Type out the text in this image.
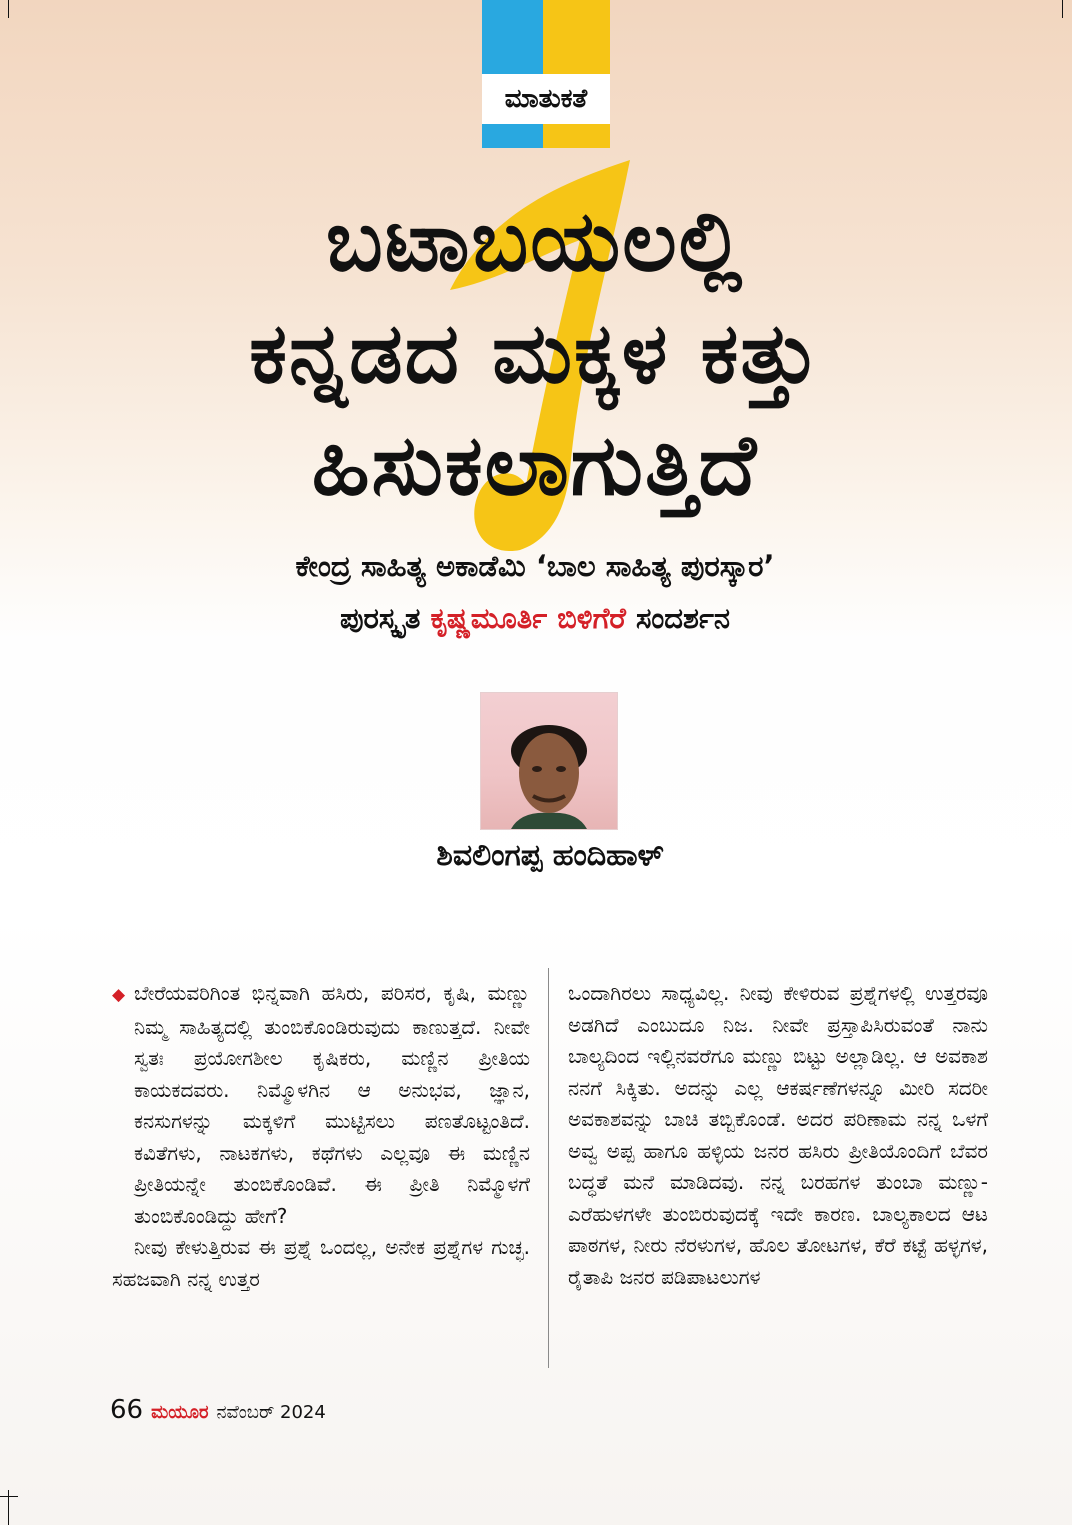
ಮಾತುಕತೆ
ಬಟಾಬಯಲಲ್ಲಿ
ಕನ್ನಡದ ಮಕ್ಕಳ ಕತ್ತು
ಹಿಸುಕಲಾಗುತ್ತಿದೆ
ಕೇಂದ್ರ ಸಾಹಿತ್ಯ ಅಕಾಡೆಮಿ ‘ಬಾಲ ಸಾಹಿತ್ಯ ಪುರಸ್ಕಾರ’
ಪುರಸ್ಕೃತ ಕೃಷ್ಣಮೂರ್ತಿ ಬಿಳಿಗೆರೆ ಸಂದರ್ಶನ
ಶಿವಲಿಂಗಪ್ಪ ಹಂದಿಹಾಳ್

◆ ಬೇರೆಯವರಿಗಿಂತ ಭಿನ್ನವಾಗಿ ಹಸಿರು, ಪರಿಸರ, ಕೃಷಿ, ಮಣ್ಣು ನಿಮ್ಮ ಸಾಹಿತ್ಯದಲ್ಲಿ ತುಂಬಿಕೊಂಡಿರುವುದು ಕಾಣುತ್ತದೆ. ನೀವೇ ಸ್ವತಃ ಪ್ರಯೋಗಶೀಲ ಕೃಷಿಕರು, ಮಣ್ಣಿನ ಪ್ರೀತಿಯ ಕಾಯಕದವರು. ನಿಮ್ಮೊಳಗಿನ ಆ ಅನುಭವ, ಜ್ಞಾನ, ಕನಸುಗಳನ್ನು ಮಕ್ಕಳಿಗೆ ಮುಟ್ಟಿಸಲು ಪಣತೊಟ್ಟಂತಿದೆ. ಕವಿತೆಗಳು, ನಾಟಕಗಳು, ಕಥೆಗಳು ಎಲ್ಲವೂ ಈ ಮಣ್ಣಿನ ಪ್ರೀತಿಯನ್ನೇ ತುಂಬಿಕೊಂಡಿವೆ. ಈ ಪ್ರೀತಿ ನಿಮ್ಮೊಳಗೆ ತುಂಬಿಕೊಂಡಿದ್ದು ಹೇಗೆ?

ನೀವು ಕೇಳುತ್ತಿರುವ ಈ ಪ್ರಶ್ನೆ ಒಂದಲ್ಲ, ಅನೇಕ ಪ್ರಶ್ನೆಗಳ ಗುಚ್ಛ. ಸಹಜವಾಗಿ ನನ್ನ ಉತ್ತರ

ಒಂದಾಗಿರಲು ಸಾಧ್ಯವಿಲ್ಲ. ನೀವು ಕೇಳಿರುವ ಪ್ರಶ್ನೆಗಳಲ್ಲಿ ಉತ್ತರವೂ ಅಡಗಿದೆ ಎಂಬುದೂ ನಿಜ. ನೀವೇ ಪ್ರಸ್ತಾಪಿಸಿರುವಂತೆ ನಾನು ಬಾಲ್ಯದಿಂದ ಇಲ್ಲಿನವರೆಗೂ ಮಣ್ಣು ಬಿಟ್ಟು ಅಲ್ಲಾಡಿಲ್ಲ. ಆ ಅವಕಾಶ ನನಗೆ ಸಿಕ್ಕಿತು. ಅದನ್ನು ಎಲ್ಲ ಆಕರ್ಷಣೆಗಳನ್ನೂ ಮೀರಿ ಸದರೀ ಅವಕಾಶವನ್ನು ಬಾಚಿ ತಬ್ಬಿಕೊಂಡೆ. ಅದರ ಪರಿಣಾಮ ನನ್ನ ಒಳಗೆ ಅವ್ವ ಅಪ್ಪ ಹಾಗೂ ಹಳ್ಳಿಯ ಜನರ ಹಸಿರು ಪ್ರೀತಿಯೊಂದಿಗೆ ಬೆವರ ಬದ್ಧತೆ ಮನೆ ಮಾಡಿದವು. ನನ್ನ ಬರಹಗಳ ತುಂಬಾ ಮಣ್ಣು-ಎರೆಹುಳಗಳೇ ತುಂಬಿರುವುದಕ್ಕೆ ಇದೇ ಕಾರಣ. ಬಾಲ್ಯಕಾಲದ ಆಟ ಪಾಠಗಳ, ನೀರು ನೆರಳುಗಳ, ಹೊಲ ತೋಟಗಳ, ಕೆರೆ ಕಟ್ಟೆ ಹಳ್ಳಗಳ, ರೈತಾಪಿ ಜನರ ಪಡಿಪಾಟಲುಗಳ

66 ಮಯೂರ ನವೆಂಬರ್ 2024
